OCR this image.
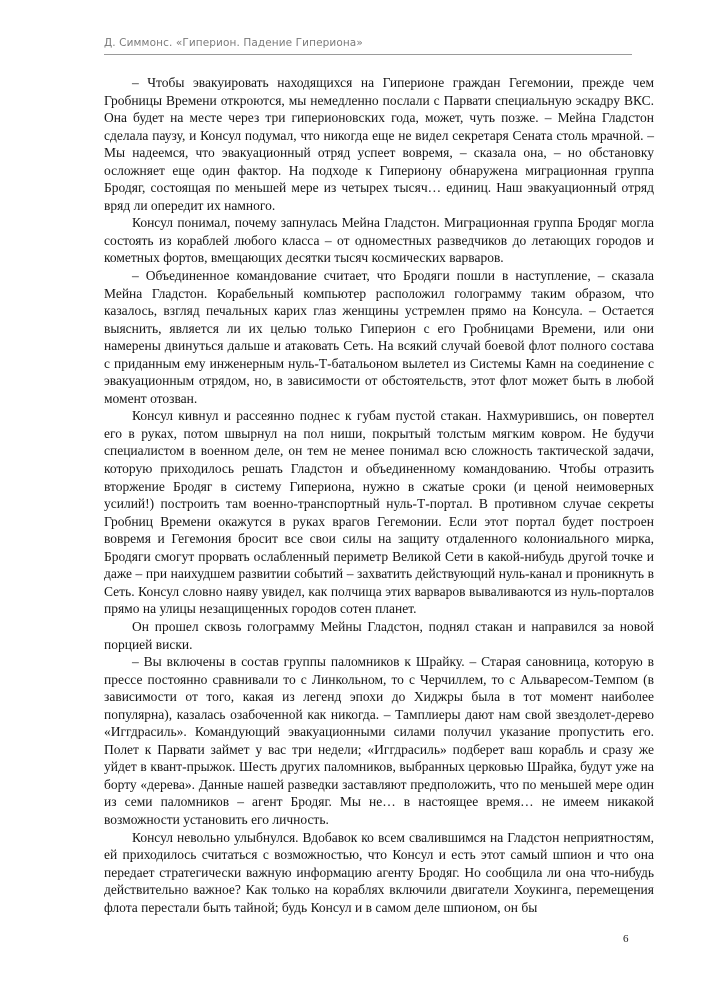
Д. Симмонс. «Гиперион. Падение Гипериона»

– Чтобы эвакуировать находящихся на Гиперионе граждан Гегемонии, прежде чем Гробницы Времени откроются, мы немедленно послали с Парвати специальную эскадру ВКС. Она будет на месте через три гиперионовских года, может, чуть позже. – Мейна Гладстон сделала паузу, и Консул подумал, что никогда еще не видел секретаря Сената столь мрачной. – Мы надеемся, что эвакуационный отряд успеет вовремя, – сказала она, – но обстановку осложняет еще один фактор. На подходе к Гипериону обнаружена миграционная группа Бродяг, состоящая по меньшей мере из четырех тысяч… единиц. Наш эвакуационный отряд вряд ли опередит их намного.

Консул понимал, почему запнулась Мейна Гладстон. Миграционная группа Бродяг могла состоять из кораблей любого класса – от одноместных разведчиков до летающих городов и кометных фортов, вмещающих десятки тысяч космических варваров.

– Объединенное командование считает, что Бродяги пошли в наступление, – сказала Мейна Гладстон. Корабельный компьютер расположил голограмму таким образом, что казалось, взгляд печальных карих глаз женщины устремлен прямо на Консула. – Остается выяснить, является ли их целью только Гиперион с его Гробницами Времени, или они намерены двинуться дальше и атаковать Сеть. На всякий случай боевой флот полного состава с приданным ему инженерным нуль-Т-батальоном вылетел из Системы Камн на соединение с эвакуационным отрядом, но, в зависимости от обстоятельств, этот флот может быть в любой момент отозван.

Консул кивнул и рассеянно поднес к губам пустой стакан. Нахмурившись, он повертел его в руках, потом швырнул на пол ниши, покрытый толстым мягким ковром. Не будучи специалистом в военном деле, он тем не менее понимал всю сложность тактической задачи, которую приходилось решать Гладстон и объединенному командованию. Чтобы отразить вторжение Бродяг в систему Гипериона, нужно в сжатые сроки (и ценой неимоверных усилий!) построить там военно-транспортный нуль-Т-портал. В противном случае секреты Гробниц Времени окажутся в руках врагов Гегемонии. Если этот портал будет построен вовремя и Гегемония бросит все свои силы на защиту отдаленного колониального мирка, Бродяги смогут прорвать ослабленный периметр Великой Сети в какой-нибудь другой точке и даже – при наихудшем развитии событий – захватить действующий нуль-канал и проникнуть в Сеть. Консул словно наяву увидел, как полчища этих варваров вываливаются из нуль-порталов прямо на улицы незащищенных городов сотен планет.

Он прошел сквозь голограмму Мейны Гладстон, поднял стакан и направился за новой порцией виски.

– Вы включены в состав группы паломников к Шрайку. – Старая сановница, которую в прессе постоянно сравнивали то с Линкольном, то с Черчиллем, то с Альваресом-Темпом (в зависимости от того, какая из легенд эпохи до Хиджры была в тот момент наиболее популярна), казалась озабоченной как никогда. – Тамплиеры дают нам свой звездолет-дерево «Иггдрасиль». Командующий эвакуационными силами получил указание пропустить его. Полет к Парвати займет у вас три недели; «Иггдрасиль» подберет ваш корабль и сразу же уйдет в квант-прыжок. Шесть других паломников, выбранных церковью Шрайка, будут уже на борту «дерева». Данные нашей разведки заставляют предположить, что по меньшей мере один из семи паломников – агент Бродяг. Мы не… в настоящее время… не имеем никакой возможности установить его личность.

Консул невольно улыбнулся. Вдобавок ко всем свалившимся на Гладстон неприятностям, ей приходилось считаться с возможностью, что Консул и есть этот самый шпион и что она передает стратегически важную информацию агенту Бродяг. Но сообщила ли она что-нибудь действительно важное? Как только на кораблях включили двигатели Хоукинга, перемещения флота перестали быть тайной; будь Консул и в самом деле шпионом, он бы

6
